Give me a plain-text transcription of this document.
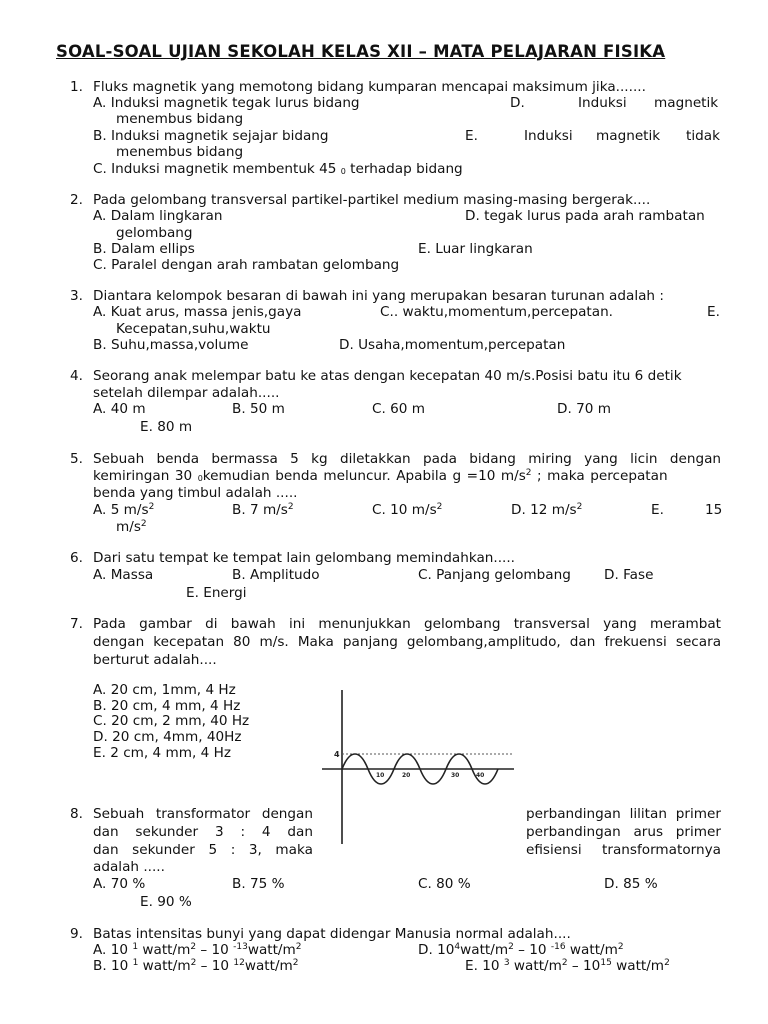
SOAL-SOAL UJIAN SEKOLAH KELAS XII – MATA PELAJARAN FISIKA
1. Fluks magnetik yang memotong bidang kumparan mencapai maksimum jika.......
A. Induksi magnetik tegak lurus bidang	D.	Induksi magnetik
menembus bidang
B. Induksi magnetik sejajar bidang	E.	Induksi magnetik tidak
menembus bidang
C. Induksi magnetik membentuk 45 0 terhadap bidang
2. Pada gelombang transversal partikel-partikel medium masing-masing bergerak....
A. Dalam lingkaran	D. tegak lurus pada arah rambatan
gelombang
B. Dalam ellips	E. Luar lingkaran
C. Paralel dengan arah rambatan gelombang
3. Diantara kelompok besaran di bawah ini yang merupakan besaran turunan adalah :
A. Kuat arus, massa jenis,gaya	C.. waktu,momentum,percepatan.	E.
Kecepatan,suhu,waktu
B. Suhu,massa,volume	D. Usaha,momentum,percepatan
4. Seorang anak melempar batu ke atas dengan kecepatan 40 m/s.Posisi batu itu 6 detik
setelah dilempar adalah.....
A. 40 m	B. 50 m	C. 60 m	D. 70 m
E. 80 m
5. Sebuah benda bermassa 5 kg diletakkan pada bidang miring yang licin dengan
kemiringan 30 0kemudian benda meluncur. Apabila g =10 $m/s^2$ ; maka percepatan
benda yang timbul adalah .....
A. 5 $m/s^2$	B. 7 $m/s^2$	C. 10 $m/s^2$	D. 12 $m/s^2$	E.	15
$m/s^2$
6. Dari satu tempat ke tempat lain gelombang memindahkan.....
A. Massa	B. Amplitudo	C. Panjang gelombang D. Fase
E. Energi
7. Pada gambar di bawah ini menunjukkan gelombang transversal yang merambat
dengan kecepatan 80 m/s. Maka panjang gelombang,amplitudo, dan frekuensi secara
berturut adalah....
A. 20 cm, 1mm, 4 Hz
B. 20 cm, 4 mm, 4 Hz
C. 20 cm, 2 mm, 40 Hz
D. 20 cm, 4mm, 40Hz
E. 2 cm, 4 mm, 4 Hz	4
10	20	30	40
8. Sebuah transformator dengan	perbandingan lilitan primer
dan sekunder 3 : 4 dan	perbandingan arus primer
dan sekunder 5 : 3, maka	efisiensi transformatornya
adalah .....
A. 70 %	B. 75 %	C. 80 %	D. 85 %
E. 90 %
9. Batas intensitas bunyi yang dapat didengar Manusia normal adalah....
A. 10 $^1$ watt/$m^2 - 10$ $^{-13}watt/m^2$	D. $10^4watt/m^2 - 10$ $^{-16}$ watt/$m^2$
B. 10 $^1$ watt/$m^2 - 10$ $^{12}watt/m^2$	E. 10 $^3$ watt/$m^2 - 10^{15}$ watt/$m^2$
